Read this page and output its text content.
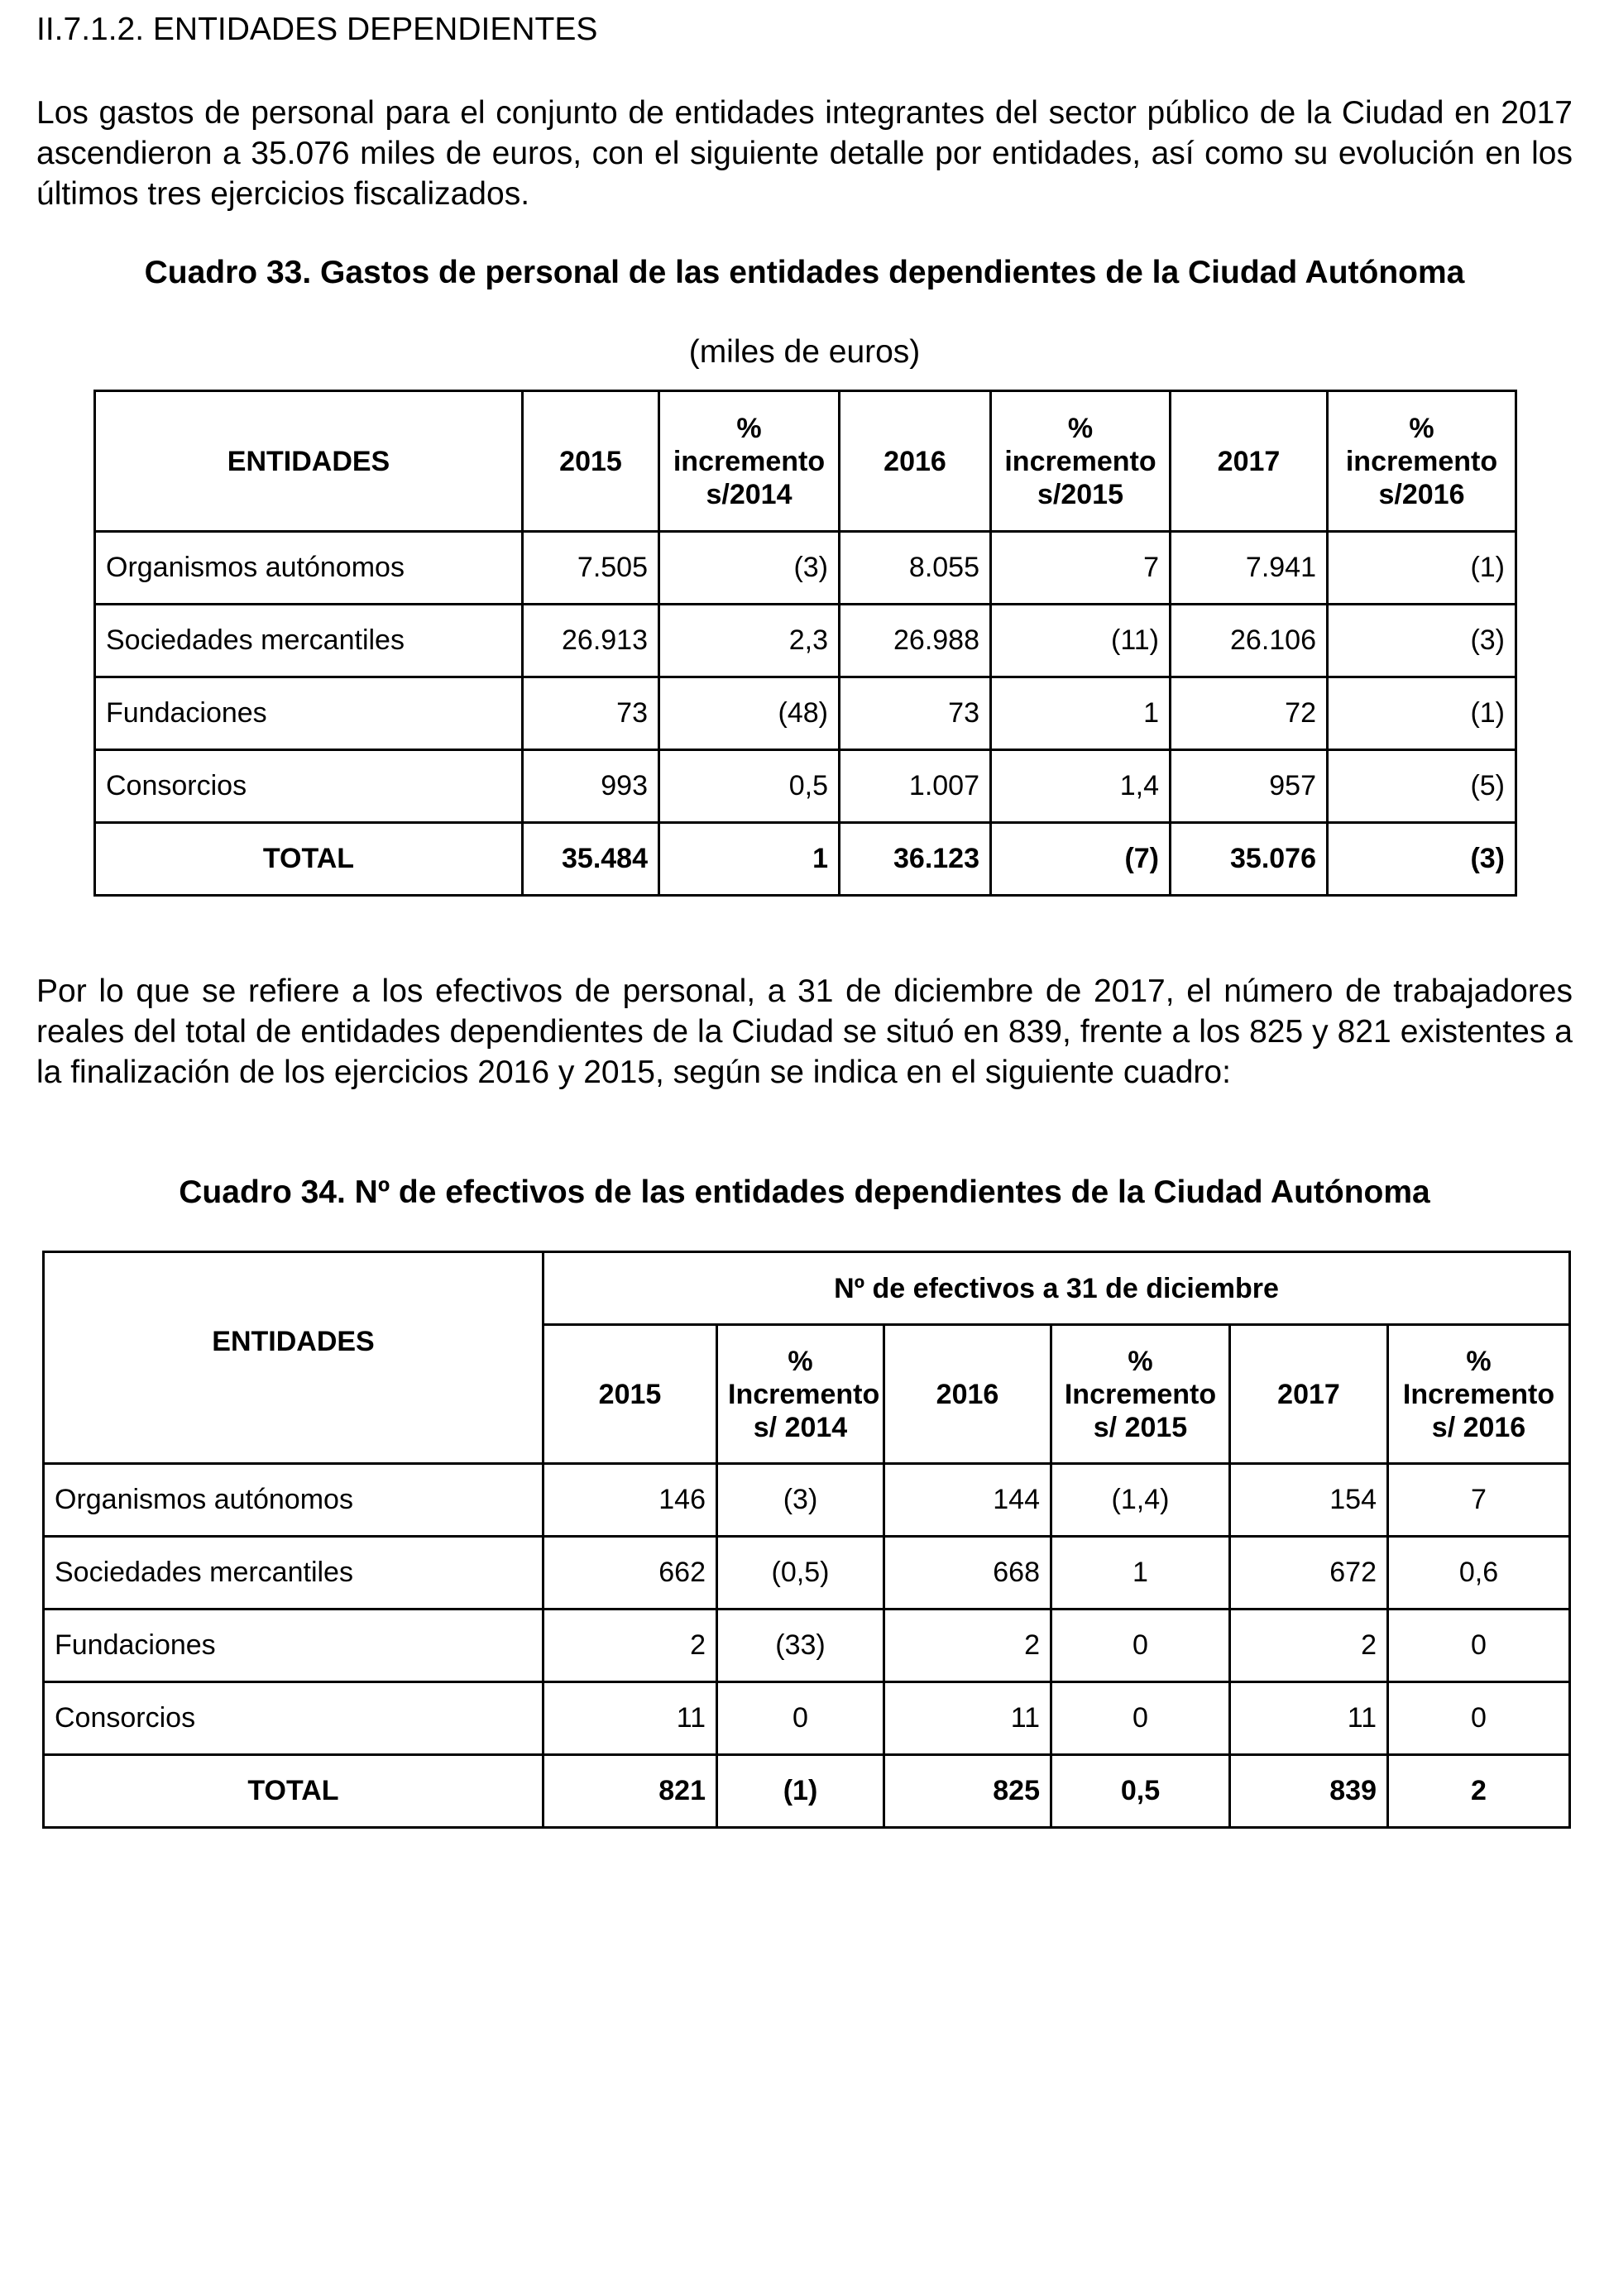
II.7.1.2. ENTIDADES DEPENDIENTES
Los gastos de personal para el conjunto de entidades integrantes del sector público de la Ciudad en 2017 ascendieron a 35.076 miles de euros, con el siguiente detalle por entidades, así como su evolución en los últimos tres ejercicios fiscalizados.
Cuadro 33. Gastos de personal de las entidades dependientes de la Ciudad Autónoma
(miles de euros)
ENTIDADES	2015	% incremento s/2014	2016	% incremento s/2015	2017	% incremento s/2016
Organismos autónomos	7.505	(3)	8.055	7	7.941	(1)
Sociedades mercantiles	26.913	2,3	26.988	(11)	26.106	(3)
Fundaciones	73	(48)	73	1	72	(1)
Consorcios	993	0,5	1.007	1,4	957	(5)
TOTAL	35.484	1	36.123	(7)	35.076	(3)
Por lo que se refiere a los efectivos de personal, a 31 de diciembre de 2017, el número de trabajadores reales del total de entidades dependientes de la Ciudad se situó en 839, frente a los 825 y 821 existentes a la finalización de los ejercicios 2016 y 2015, según se indica en el siguiente cuadro:
Cuadro 34. Nº de efectivos de las entidades dependientes de la Ciudad Autónoma
ENTIDADES	Nº de efectivos a 31 de diciembre					
	2015	% Incremento s/ 2014	2016	% Incremento s/ 2015	2017	% Incremento s/ 2016
Organismos autónomos	146	(3)	144	(1,4)	154	7
Sociedades mercantiles	662	(0,5)	668	1	672	0,6
Fundaciones	2	(33)	2	0	2	0
Consorcios	11	0	11	0	11	0
TOTAL	821	(1)	825	0,5	839	2
